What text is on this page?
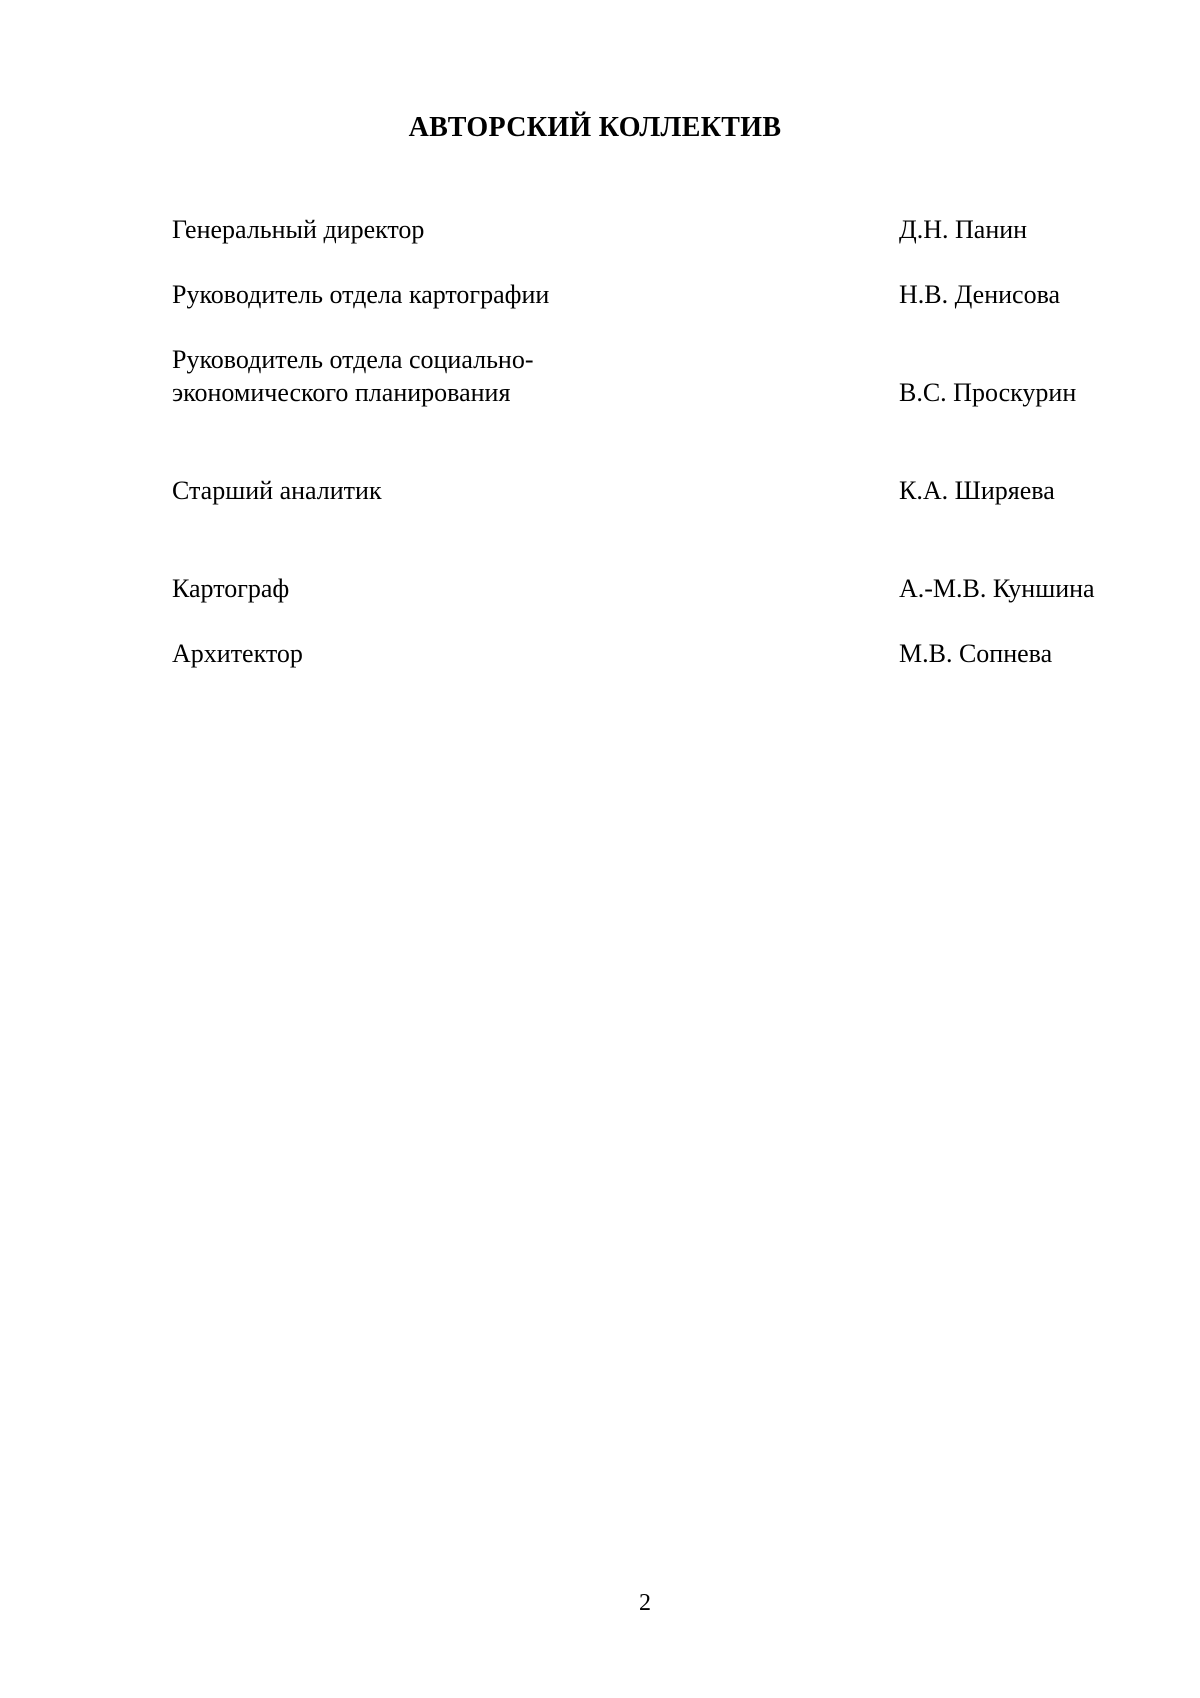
АВТОРСКИЙ КОЛЛЕКТИВ
Генеральный директор	Д.Н. Панин
Руководитель отдела картографии	Н.В. Денисова
Руководитель отдела социально-
экономического планирования	В.С. Проскурин
Старший аналитик	К.А. Ширяева
Картограф	А.-М.В. Куншина
Архитектор	М.В. Сопнева
2
